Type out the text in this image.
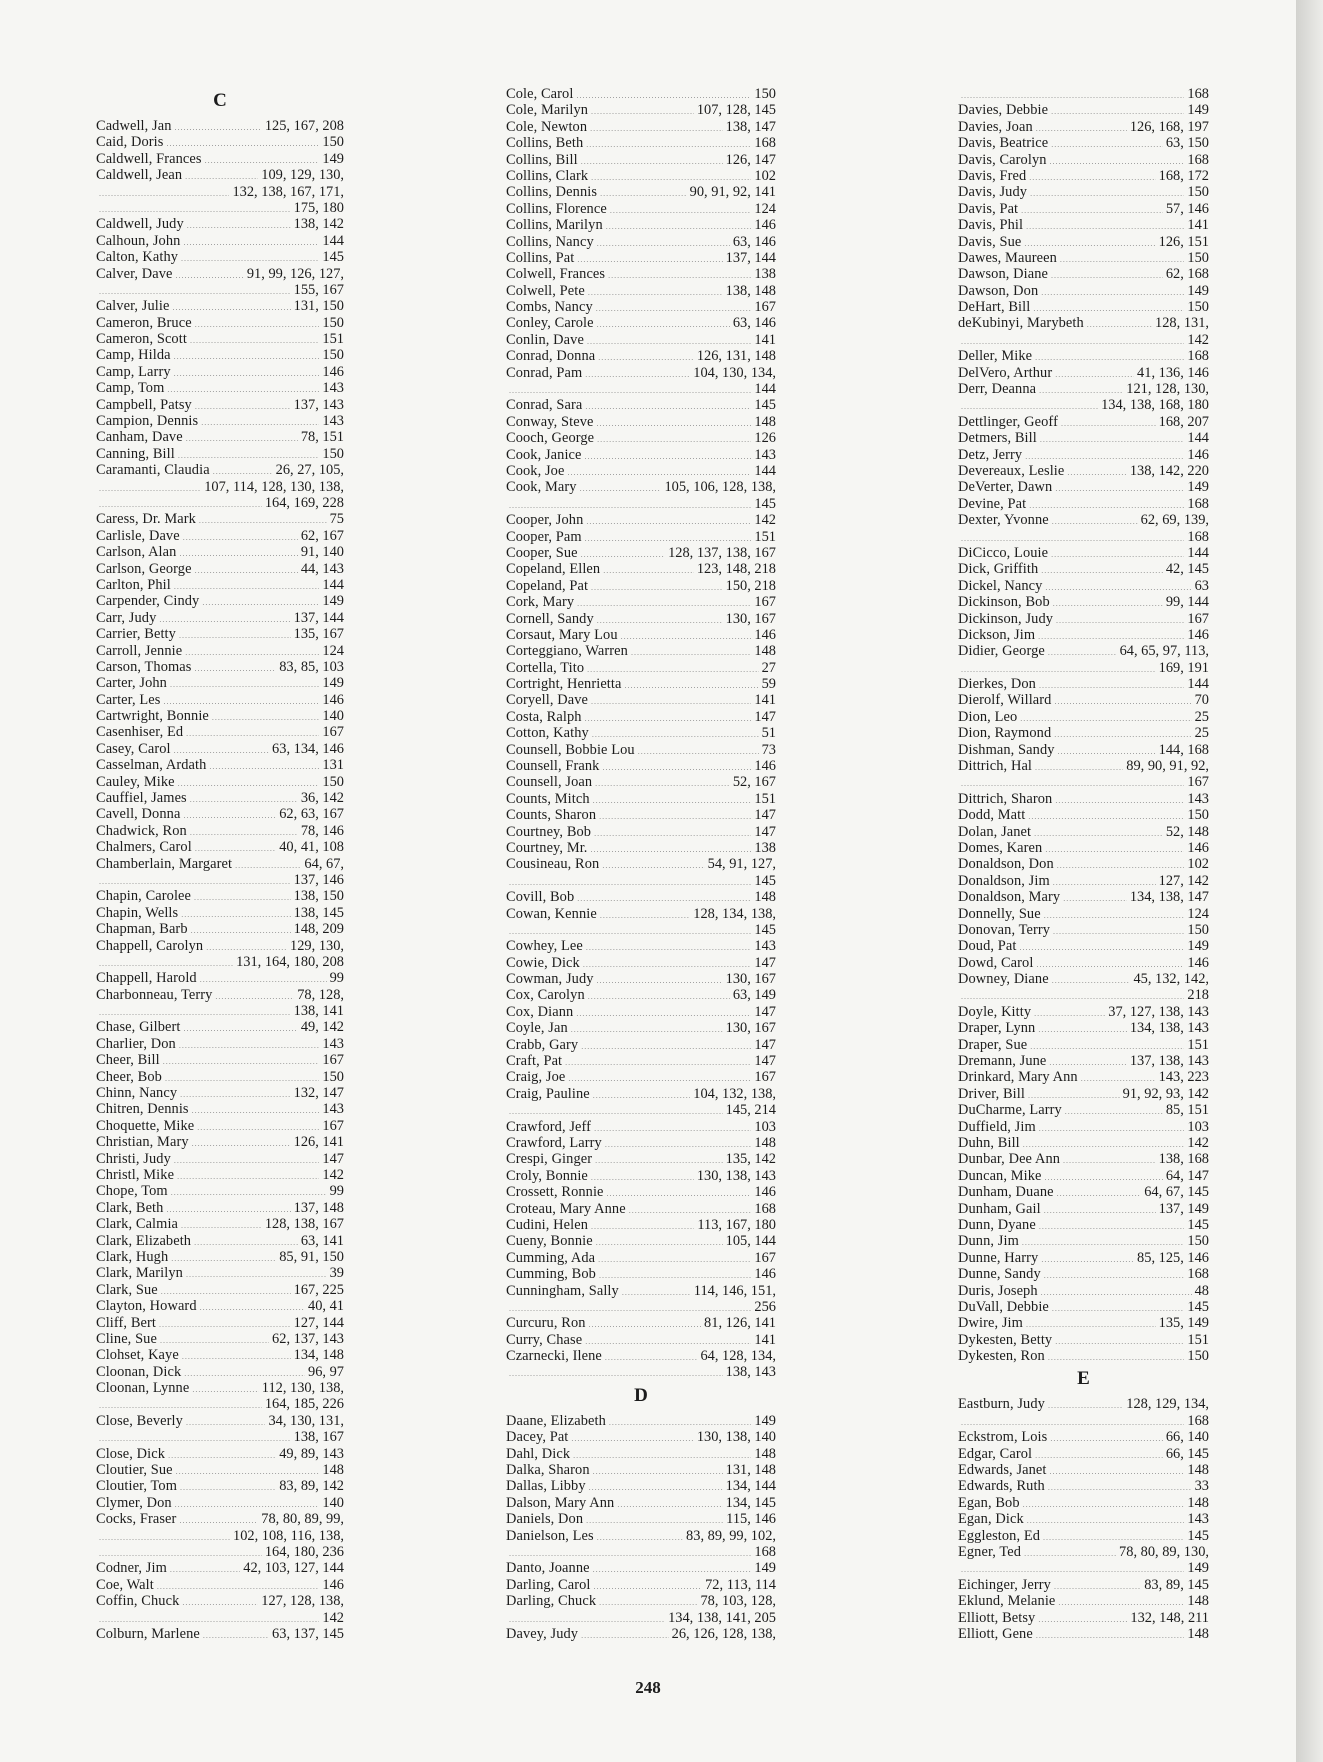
C
Cadwell, Jan .....	125, 167, 208
Caid, Doris .....	150
Caldwell, Frances .....	149
Caldwell, Jean .....	109, 129, 130,
.....
132, 138, 167, 171,
.....
175, 180
Caldwell, Judy .....	138, 142
Calhoun, John .....	144
Calton, Kathy .....	145
Calver, Dave .....	91, 99, 126, 127,
.....
155, 167
Calver, Julie .....	131, 150
Cameron, Bruce .....	150
Cameron, Scott .....	151
Camp, Hilda .....	150
Camp, Larry .....	146
Camp, Tom .....	143
Campbell, Patsy .....	137, 143
Campion, Dennis .....	143
Canham, Dave .....	78, 151
Canning, Bill .....	150
Caramanti, Claudia .....	26, 27, 105,
.....
107, 114, 128, 130, 138,
.....
164, 169, 228
Caress, Dr. Mark .....	75
Carlisle, Dave .....	62, 167
Carlson, Alan .....	91, 140
Carlson, George .....	44, 143
Carlton, Phil .....	144
Carpender, Cindy .....	149
Carr, Judy .....	137, 144
Carrier, Betty .....	135, 167
Carroll, Jennie .....	124
Carson, Thomas .....	83, 85, 103
Carter, John .....	149
Carter, Les .....	146
Cartwright, Bonnie .....	140
Casenhiser, Ed .....	167
Casey, Carol .....	63, 134, 146
Casselman, Ardath .....	131
Cauley, Mike .....	150
Cauffiel, James .....	36, 142
Cavell, Donna .....	62, 63, 167
Chadwick, Ron .....	78, 146
Chalmers, Carol .....	40, 41, 108
Chamberlain, Margaret .....	64, 67,
.....
137, 146
Chapin, Carolee .....	138, 150
Chapin, Wells .....	138, 145
Chapman, Barb .....	148, 209
Chappell, Carolyn .....	129, 130,
.....
131, 164, 180, 208
Chappell, Harold .....	99
Charbonneau, Terry .....	78, 128,
.....
138, 141
Chase, Gilbert .....	49, 142
Charlier, Don .....	143
Cheer, Bill .....	167
Cheer, Bob .....	150
Chinn, Nancy .....	132, 147
Chitren, Dennis .....	143
Choquette, Mike .....	167
Christian, Mary .....	126, 141
Christi, Judy .....	147
Christl, Mike .....	142
Chope, Tom .....	99
Clark, Beth .....	137, 148
Clark, Calmia .....	128, 138, 167
Clark, Elizabeth .....	63, 141
Clark, Hugh .....	85, 91, 150
Clark, Marilyn .....	39
Clark, Sue .....	167, 225
Clayton, Howard .....	40, 41
Cliff, Bert .....	127, 144
Cline, Sue .....	62, 137, 143
Clohset, Kaye .....	134, 148
Cloonan, Dick .....	96, 97
Cloonan, Lynne .....	112, 130, 138,
.....
164, 185, 226
Close, Beverly .....	34, 130, 131,
.....
138, 167
Close, Dick .....	49, 89, 143
Cloutier, Sue .....	148
Cloutier, Tom .....	83, 89, 142
Clymer, Don .....	140
Cocks, Fraser .....	78, 80, 89, 99,
.....
102, 108, 116, 138,
.....
164, 180, 236
Codner, Jim .....	42, 103, 127, 144
Coe, Walt .....	146
Coffin, Chuck .....	127, 128, 138,
.....
142
Colburn, Marlene .....	63, 137, 145
Cole, Carol .....	150
Cole, Marilyn .....	107, 128, 145
Cole, Newton .....	138, 147
Collins, Beth .....	168
Collins, Bill .....	126, 147
Collins, Clark .....	102
Collins, Dennis .....	90, 91, 92, 141
Collins, Florence .....	124
Collins, Marilyn .....	146
Collins, Nancy .....	63, 146
Collins, Pat .....	137, 144
Colwell, Frances .....	138
Colwell, Pete .....	138, 148
Combs, Nancy .....	167
Conley, Carole .....	63, 146
Conlin, Dave .....	141
Conrad, Donna .....	126, 131, 148
Conrad, Pam .....	104, 130, 134,
.....
144
Conrad, Sara .....	145
Conway, Steve .....	148
Cooch, George .....	126
Cook, Janice .....	143
Cook, Joe .....	144
Cook, Mary .....	105, 106, 128, 138,
.....
145
Cooper, John .....	142
Cooper, Pam .....	151
Cooper, Sue .....	128, 137, 138, 167
Copeland, Ellen .....	123, 148, 218
Copeland, Pat .....	150, 218
Cork, Mary .....	167
Cornell, Sandy .....	130, 167
Corsaut, Mary Lou .....	146
Corteggiano, Warren .....	148
Cortella, Tito .....	27
Cortright, Henrietta .....	59
Coryell, Dave .....	141
Costa, Ralph .....	147
Cotton, Kathy .....	51
Counsell, Bobbie Lou .....	73
Counsell, Frank .....	146
Counsell, Joan .....	52, 167
Counts, Mitch .....	151
Counts, Sharon .....	147
Courtney, Bob .....	147
Courtney, Mr. .....	138
Cousineau, Ron .....	54, 91, 127,
.....
145
Covill, Bob .....	148
Cowan, Kennie .....	128, 134, 138,
.....
145
Cowhey, Lee .....	143
Cowie, Dick .....	147
Cowman, Judy .....	130, 167
Cox, Carolyn .....	63, 149
Cox, Diann .....	147
Coyle, Jan .....	130, 167
Crabb, Gary .....	147
Craft, Pat .....	147
Craig, Joe .....	167
Craig, Pauline .....	104, 132, 138,
.....
145, 214
Crawford, Jeff .....	103
Crawford, Larry .....	148
Crespi, Ginger .....	135, 142
Croly, Bonnie .....	130, 138, 143
Crossett, Ronnie .....	146
Croteau, Mary Anne .....	168
Cudini, Helen .....	113, 167, 180
Cueny, Bonnie .....	105, 144
Cumming, Ada .....	167
Cumming, Bob .....	146
Cunningham, Sally .....	114, 146, 151,
.....
256
Curcuru, Ron .....	81, 126, 141
Curry, Chase .....	141
Czarnecki, Ilene .....	64, 128, 134,
.....
138, 143
D
Daane, Elizabeth .....	149
Dacey, Pat .....	130, 138, 140
Dahl, Dick .....	148
Dalka, Sharon .....	131, 148
Dallas, Libby .....	134, 144
Dalson, Mary Ann .....	134, 145
Daniels, Don .....	115, 146
Danielson, Les .....	83, 89, 99, 102,
.....
168
Danto, Joanne .....	149
Darling, Carol .....	72, 113, 114
Darling, Chuck .....	78, 103, 128,
.....
134, 138, 141, 205
Davey, Judy .....	26, 126, 128, 138,
.....
168
Davies, Debbie .....	149
Davies, Joan .....	126, 168, 197
Davis, Beatrice .....	63, 150
Davis, Carolyn .....	168
Davis, Fred .....	168, 172
Davis, Judy .....	150
Davis, Pat .....	57, 146
Davis, Phil .....	141
Davis, Sue .....	126, 151
Dawes, Maureen .....	150
Dawson, Diane .....	62, 168
Dawson, Don .....	149
DeHart, Bill .....	150
deKubinyi, Marybeth .....	128, 131,
.....
142
Deller, Mike .....	168
DelVero, Arthur .....	41, 136, 146
Derr, Deanna .....	121, 128, 130,
.....
134, 138, 168, 180
Dettlinger, Geoff .....	168, 207
Detmers, Bill .....	144
Detz, Jerry .....	146
Devereaux, Leslie .....	138, 142, 220
DeVerter, Dawn .....	149
Devine, Pat .....	168
Dexter, Yvonne .....	62, 69, 139,
.....
168
DiCicco, Louie .....	144
Dick, Griffith .....	42, 145
Dickel, Nancy .....	63
Dickinson, Bob .....	99, 144
Dickinson, Judy .....	167
Dickson, Jim .....	146
Didier, George .....	64, 65, 97, 113,
.....
169, 191
Dierkes, Don .....	144
Dierolf, Willard .....	70
Dion, Leo .....	25
Dion, Raymond .....	25
Dishman, Sandy .....	144, 168
Dittrich, Hal .....	89, 90, 91, 92,
.....
167
Dittrich, Sharon .....	143
Dodd, Matt .....	150
Dolan, Janet .....	52, 148
Domes, Karen .....	146
Donaldson, Don .....	102
Donaldson, Jim .....	127, 142
Donaldson, Mary .....	134, 138, 147
Donnelly, Sue .....	124
Donovan, Terry .....	150
Doud, Pat .....	149
Dowd, Carol .....	146
Downey, Diane .....	45, 132, 142,
.....
218
Doyle, Kitty .....	37, 127, 138, 143
Draper, Lynn .....	134, 138, 143
Draper, Sue .....	151
Dremann, June .....	137, 138, 143
Drinkard, Mary Ann .....	143, 223
Driver, Bill .....	91, 92, 93, 142
DuCharme, Larry .....	85, 151
Duffield, Jim .....	103
Duhn, Bill .....	142
Dunbar, Dee Ann .....	138, 168
Duncan, Mike .....	64, 147
Dunham, Duane .....	64, 67, 145
Dunham, Gail .....	137, 149
Dunn, Dyane .....	145
Dunn, Jim .....	150
Dunne, Harry .....	85, 125, 146
Dunne, Sandy .....	168
Duris, Joseph .....	48
DuVall, Debbie .....	145
Dwire, Jim .....	135, 149
Dykesten, Betty .....	151
Dykesten, Ron .....	150
E
Eastburn, Judy .....	128, 129, 134,
.....
168
Eckstrom, Lois .....	66, 140
Edgar, Carol .....	66, 145
Edwards, Janet .....	148
Edwards, Ruth .....	33
Egan, Bob .....	148
Egan, Dick .....	143
Eggleston, Ed .....	145
Egner, Ted .....	78, 80, 89, 130,
.....
149
Eichinger, Jerry .....	83, 89, 145
Eklund, Melanie .....	148
Elliott, Betsy .....	132, 148, 211
Elliott, Gene .....	148
248
